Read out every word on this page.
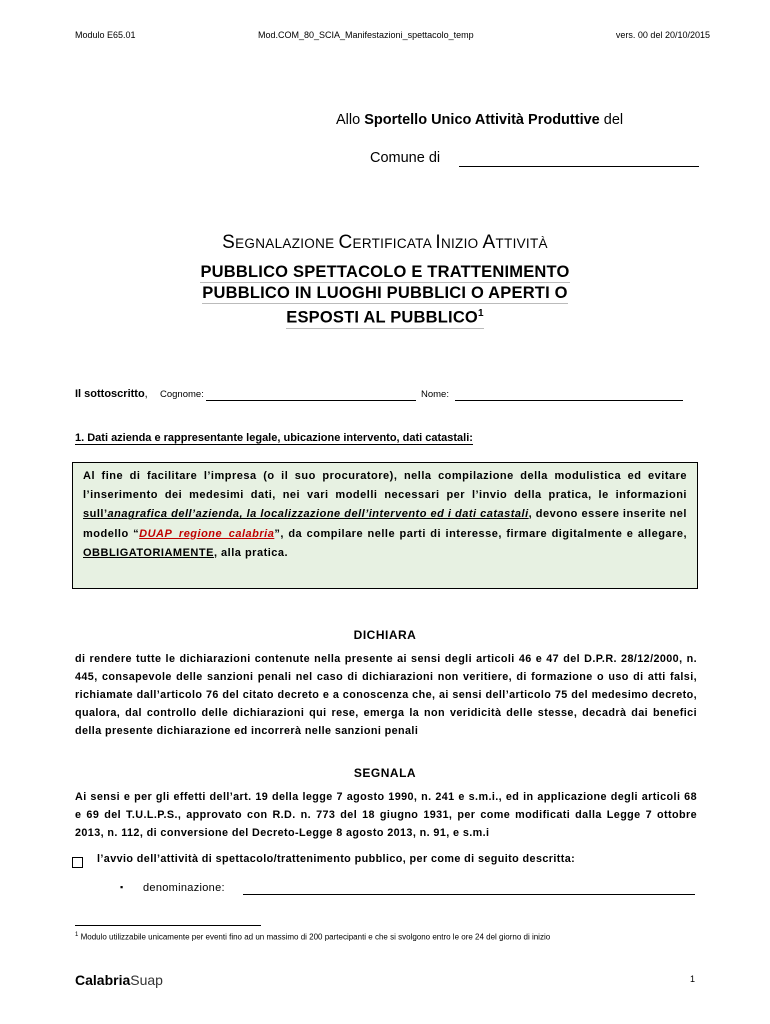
Modulo E65.01	Mod.COM_80_SCIA_Manifestazioni_spettacolo_temp	vers. 00 del 20/10/2015
Allo Sportello Unico Attività Produttive del
Comune di
SEGNALAZIONE CERTIFICATA INIZIO ATTIVITÀ
PUBBLICO SPETTACOLO E TRATTENIMENTO
PUBBLICO IN LUOGHI PUBBLICI O APERTI O
ESPOSTI AL PUBBLICO$^1$
Il sottoscritto, Cognome:	Nome:
1. Dati azienda e rappresentante legale, ubicazione intervento, dati catastali:
Al fine di facilitare l’impresa (o il suo procuratore), nella compilazione della modulistica ed evitare l’inserimento dei medesimi dati, nei vari modelli necessari per l’invio della pratica, le informazioni sull’anagrafica dell’azienda, la localizzazione dell’intervento ed i dati catastali, devono essere inserite nel modello “DUAP_regione_calabria”, da compilare nelle parti di interesse, firmare digitalmente e allegare, OBBLIGATORIAMENTE, alla pratica.
DICHIARA
di rendere tutte le dichiarazioni contenute nella presente ai sensi degli articoli 46 e 47 del D.P.R. 28/12/2000, n. 445, consapevole delle sanzioni penali nel caso di dichiarazioni non veritiere, di formazione o uso di atti falsi, richiamate dall’articolo 76 del citato decreto e a conoscenza che, ai sensi dell’articolo 75 del medesimo decreto, qualora, dal controllo delle dichiarazioni qui rese, emerga la non veridicità delle stesse, decadrà dai benefici della presente dichiarazione ed incorrerà nelle sanzioni penali
SEGNALA
Ai sensi e per gli effetti dell’art. 19 della legge 7 agosto 1990, n. 241 e s.m.i., ed in applicazione degli articoli 68 e 69 del T.U.L.P.S., approvato con R.D. n. 773 del 18 giugno 1931, per come modificati dalla Legge 7 ottobre 2013, n. 112, di conversione del Decreto-Legge 8 agosto 2013, n. 91, e s.m.i
l’avvio dell’attività di spettacolo/trattenimento pubblico, per come di seguito descritta:
▪ denominazione:
$^1$ Modulo utilizzabile unicamente per eventi fino ad un massimo di 200 partecipanti e che si svolgono entro le ore 24 del giorno di inizio
CalabriaSuap	1
